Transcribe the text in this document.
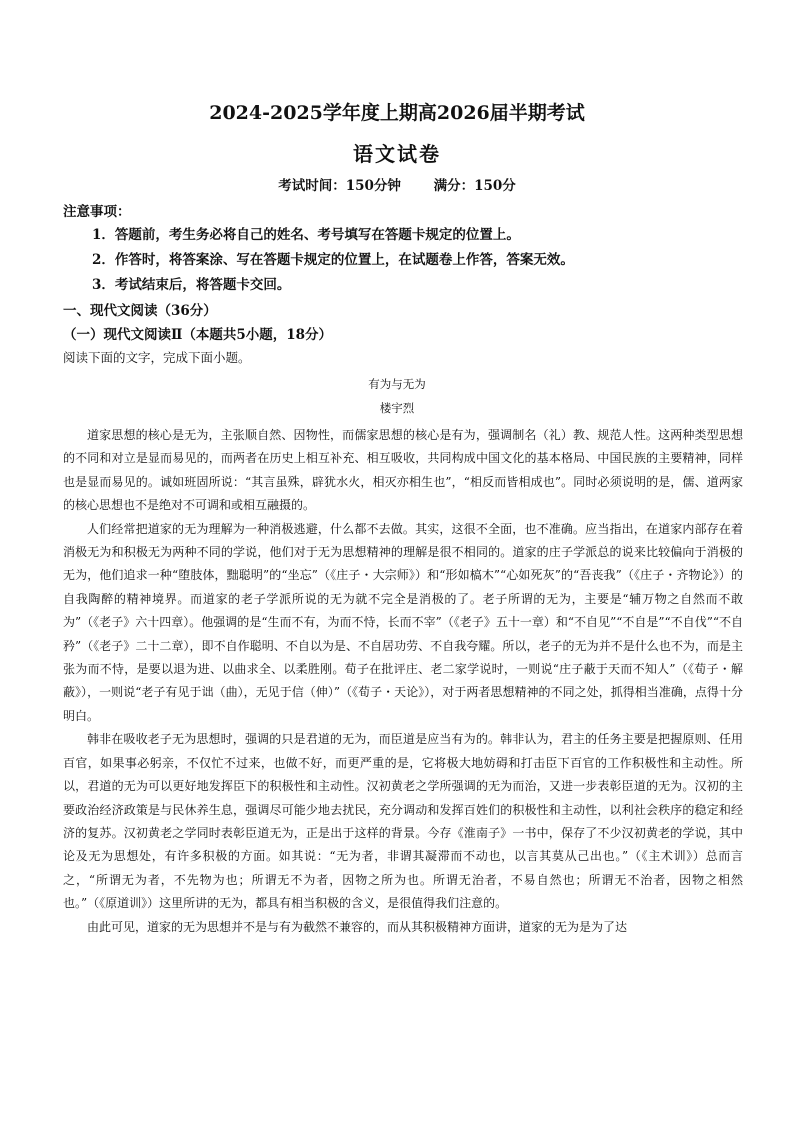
2024-2025学年度上期高2026届半期考试
语文试卷
考试时间：150分钟 满分：150分
注意事项：
1．答题前，考生务必将自己的姓名、考号填写在答题卡规定的位置上。
2．作答时，将答案涂、写在答题卡规定的位置上，在试题卷上作答，答案无效。
3．考试结束后，将答题卡交回。
一、现代文阅读（36分）
（一）现代文阅读Ⅱ（本题共5小题，18分）
阅读下面的文字，完成下面小题。
有为与无为
楼宇烈

道家思想的核心是无为，主张顺自然、因物性，而儒家思想的核心是有为，强调制名（礼）教、规范人性。这两种类型思想的不同和对立是显而易见的，而两者在历史上相互补充、相互吸收，共同构成中国文化的基本格局、中国民族的主要精神，同样也是显而易见的。诚如班固所说：“其言虽殊，辟犹水火，相灭亦相生也”，“相反而皆相成也”。同时必须说明的是，儒、道两家的核心思想也不是绝对不可调和或相互融摄的。

人们经常把道家的无为理解为一种消极逃避，什么都不去做。其实，这很不全面，也不准确。应当指出，在道家内部存在着消极无为和积极无为两种不同的学说，他们对于无为思想精神的理解是很不相同的。道家的庄子学派总的说来比较偏向于消极的无为，他们追求一种“堕肢体，黜聪明”的“坐忘”（《庄子・大宗师》）和“形如槁木”“心如死灰”的“吾丧我”（《庄子・齐物论》）的自我陶醉的精神境界。而道家的老子学派所说的无为就不完全是消极的了。老子所谓的无为，主要是“辅万物之自然而不敢为”（《老子》六十四章）。他强调的是“生而不有，为而不恃，长而不宰”（《老子》五十一章）和“不自见”“不自是”“不自伐”“不自矜”（《老子》二十二章），即不自作聪明、不自以为是、不自居功劳、不自我夸耀。所以，老子的无为并不是什么也不为，而是主张为而不恃，是要以退为进、以曲求全、以柔胜刚。荀子在批评庄、老二家学说时，一则说“庄子蔽于天而不知人”（《荀子・解蔽》），一则说“老子有见于诎（曲），无见于信（伸）”（《荀子・天论》），对于两者思想精神的不同之处，抓得相当准确，点得十分明白。

韩非在吸收老子无为思想时，强调的只是君道的无为，而臣道是应当有为的。韩非认为，君主的任务主要是把握原则、任用百官，如果事必躬亲，不仅忙不过来，也做不好，而更严重的是，它将极大地妨碍和打击臣下百官的工作积极性和主动性。所以，君道的无为可以更好地发挥臣下的积极性和主动性。汉初黄老之学所强调的无为而治，又进一步表彰臣道的无为。汉初的主要政治经济政策是与民休养生息，强调尽可能少地去扰民，充分调动和发挥百姓们的积极性和主动性，以利社会秩序的稳定和经济的复苏。汉初黄老之学同时表彰臣道无为，正是出于这样的背景。今存《淮南子》一书中，保存了不少汉初黄老的学说，其中论及无为思想处，有许多积极的方面。如其说：“无为者，非谓其凝滞而不动也，以言其莫从己出也。”（《主术训》）总而言之，“所谓无为者，不先物为也；所谓无不为者，因物之所为也。所谓无治者，不易自然也；所谓无不治者，因物之相然也。”（《原道训》）这里所讲的无为，都具有相当积极的含义，是很值得我们注意的。

由此可见，道家的无为思想并不是与有为截然不兼容的，而从其积极精神方面讲，道家的无为是为了达
